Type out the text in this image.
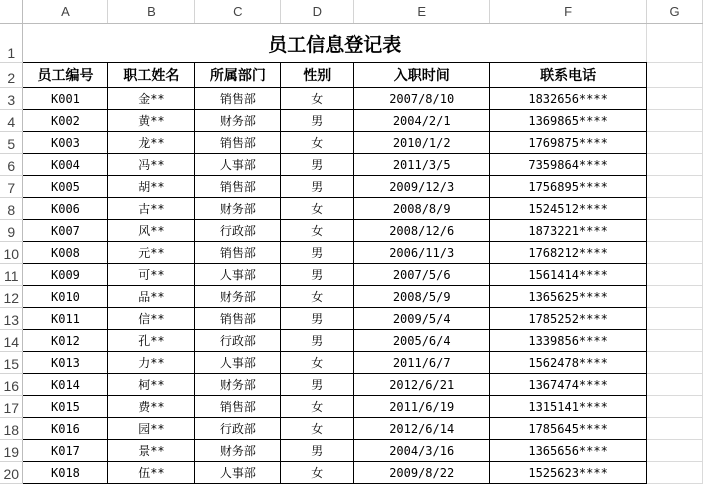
	A	B	C	D	E	F	G
1	员工信息登记表						
2	员工编号	职工姓名	所属部门	性别	入职时间	联系电话	
3	K001	金**	销售部	女	2007/8/10	1832656****	
4	K002	黄**	财务部	男	2004/2/1	1369865****	
5	K003	龙**	销售部	女	2010/1/2	1769875****	
6	K004	冯**	人事部	男	2011/3/5	7359864****	
7	K005	胡**	销售部	男	2009/12/3	1756895****	
8	K006	古**	财务部	女	2008/8/9	1524512****	
9	K007	风**	行政部	女	2008/12/6	1873221****	
10	K008	元**	销售部	男	2006/11/3	1768212****	
11	K009	可**	人事部	男	2007/5/6	1561414****	
12	K010	品**	财务部	女	2008/5/9	1365625****	
13	K011	信**	销售部	男	2009/5/4	1785252****	
14	K012	孔**	行政部	男	2005/6/4	1339856****	
15	K013	力**	人事部	女	2011/6/7	1562478****	
16	K014	柯**	财务部	男	2012/6/21	1367474****	
17	K015	费**	销售部	女	2011/6/19	1315141****	
18	K016	园**	行政部	女	2012/6/14	1785645****	
19	K017	景**	财务部	男	2004/3/16	1365656****	
20	K018	伍**	人事部	女	2009/8/22	1525623****	
